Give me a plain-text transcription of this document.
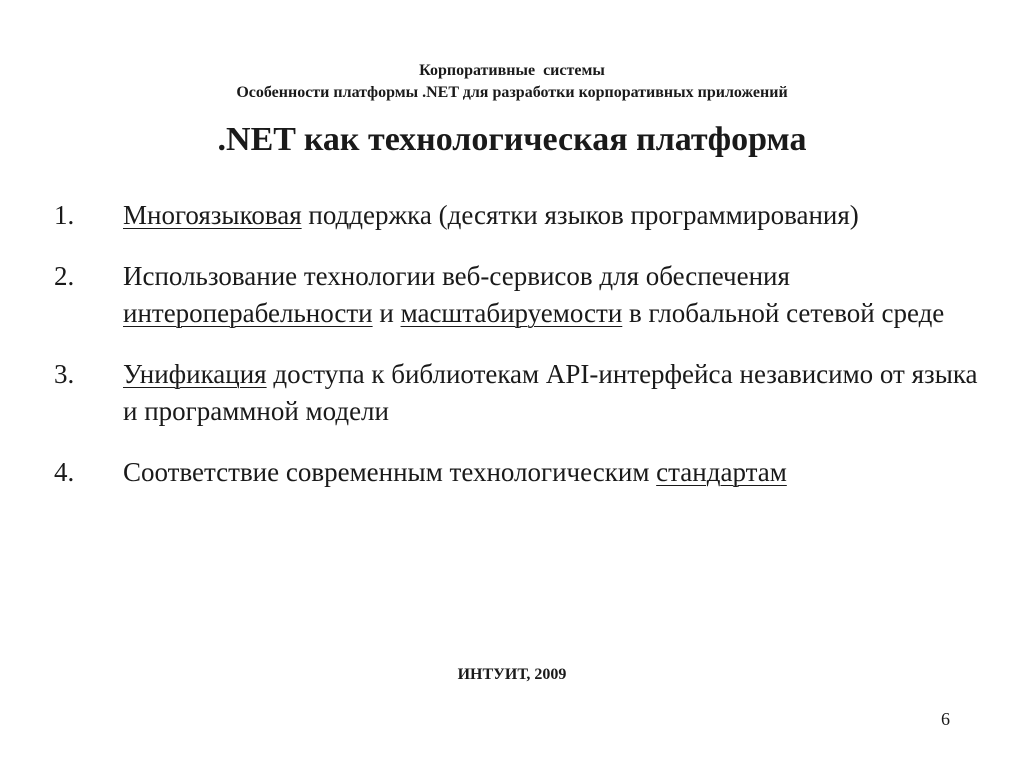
Корпоративные  системы
Особенности платформы .NET для разработки корпоративных приложений
.NET как технологическая платформа
1.	Многоязыковая поддержка (десятки языков программирования)
2.	Использование технологии веб-сервисов для обеспечения интероперабельности и масштабируемости в глобальной сетевой среде
3.	Унификация доступа к библиотекам API-интерфейса независимо от языка и программной модели
4.	Соответствие современным технологическим стандартам
ИНТУИТ, 2009
6
